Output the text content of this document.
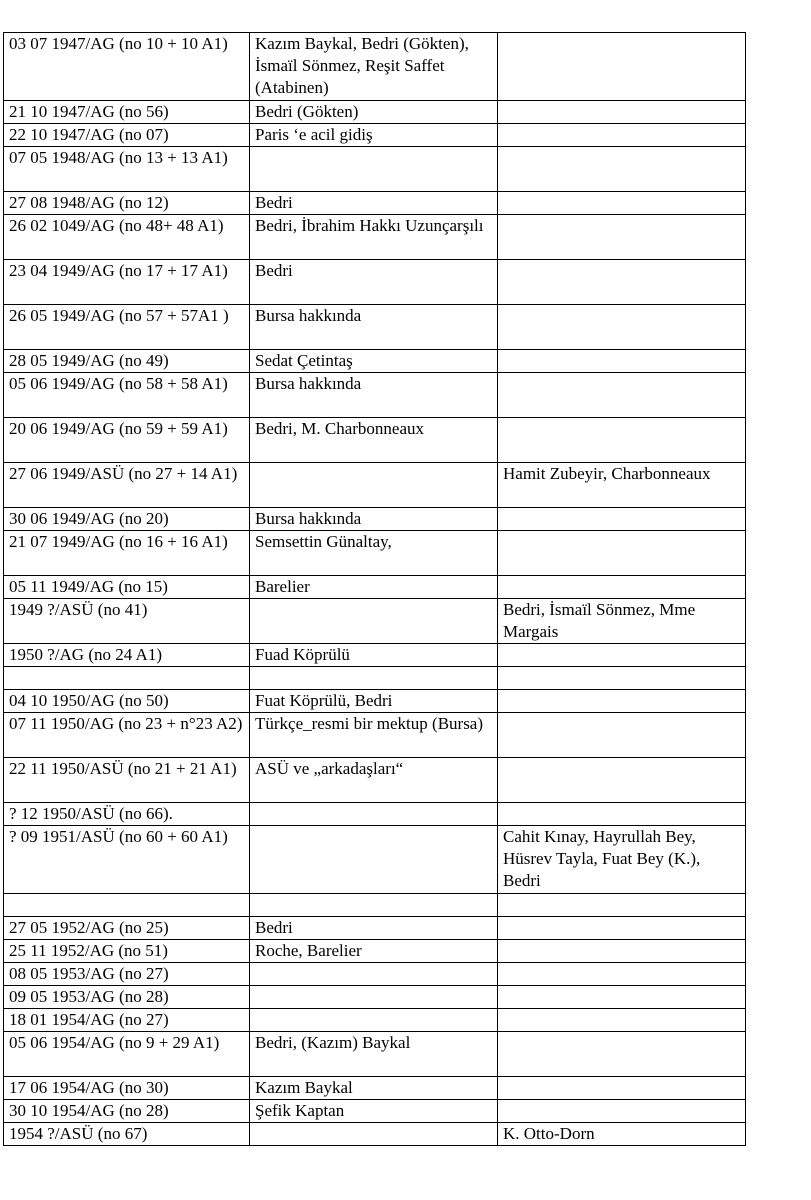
03 07 1947/AG (no 10 + 10 A1)	Kazım Baykal, Bedri (Gökten), İsmaïl Sönmez, Reşit Saffet (Atabinen)	
21 10 1947/AG (no 56)	Bedri (Gökten)	
22 10 1947/AG (no 07)	Paris ‘e acil gidiş	
07 05 1948/AG (no 13 + 13 A1)		
27 08 1948/AG (no 12)	Bedri	
26 02 1049/AG (no 48+ 48 A1)	Bedri, İbrahim Hakkı Uzunçarşılı	
23 04 1949/AG (no 17 + 17 A1)	Bedri	
26 05 1949/AG (no 57 + 57A1 )	Bursa hakkında	
28 05 1949/AG (no 49)	Sedat Çetintaş	
05 06 1949/AG (no 58 + 58 A1)	Bursa hakkında	
20 06 1949/AG (no 59 + 59 A1)	Bedri, M. Charbonneaux	
27 06 1949/ASÜ (no 27 + 14 A1)		Hamit Zubeyir, Charbonneaux
30 06 1949/AG (no 20)	Bursa hakkında	
21 07 1949/AG (no 16 + 16 A1)	Semsettin Günaltay,	
05 11 1949/AG (no 15)	Barelier	
1949 ?/ASÜ (no 41)		Bedri, İsmaïl Sönmez, Mme Margais
1950 ?/AG (no 24 A1)	Fuad Köprülü	

04 10 1950/AG (no 50)	Fuat Köprülü, Bedri	
07 11 1950/AG (no 23 + n°23 A2)	Türkçe_resmi bir mektup (Bursa)	
22 11 1950/ASÜ (no 21 + 21 A1)	ASÜ ve „arkadaşları“	
? 12 1950/ASÜ (no 66).		
? 09 1951/ASÜ (no 60 + 60 A1)		Cahit Kınay, Hayrullah Bey, Hüsrev Tayla, Fuat Bey (K.), Bedri

27 05 1952/AG (no 25)	Bedri	
25 11 1952/AG (no 51)	Roche, Barelier	
08 05 1953/AG (no 27)		
09 05 1953/AG (no 28)		
18 01 1954/AG (no 27)		
05 06 1954/AG (no 9 + 29 A1)	Bedri, (Kazım) Baykal	
17 06 1954/AG (no 30)	Kazım Baykal	
30 10 1954/AG (no 28)	Şefik Kaptan	
1954 ?/ASÜ (no 67)		K. Otto-Dorn
